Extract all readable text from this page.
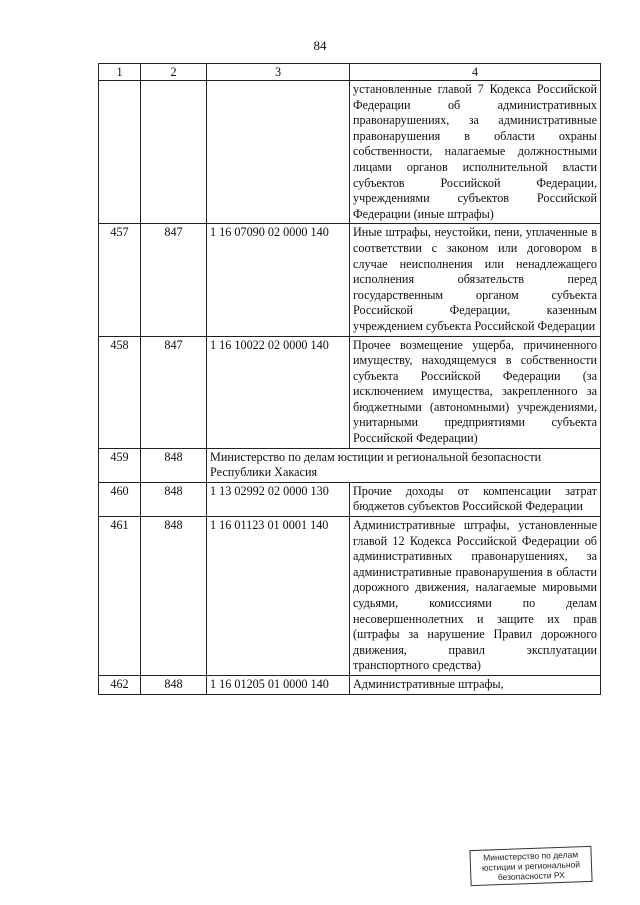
84
1	2	3	4
			установленные главой 7 Кодекса Российской Федерации об административных правонарушениях, за административные правонарушения в области охраны собственности, налагаемые должностными лицами органов исполнительной власти субъектов Российской Федерации, учреждениями субъектов Российской Федерации (иные штрафы)
457	847	1 16 07090 02 0000 140	Иные штрафы, неустойки, пени, уплаченные в соответствии с законом или договором в случае неисполнения или ненадлежащего исполнения обязательств перед государственным органом субъекта Российской Федерации, казенным учреждением субъекта Российской Федерации
458	847	1 16 10022 02 0000 140	Прочее возмещение ущерба, причиненного имуществу, находящемуся в собственности субъекта Российской Федерации (за исключением имущества, закрепленного за бюджетными (автономными) учреждениями, унитарными предприятиями субъекта Российской Федерации)
459	848	Министерство по делам юстиции и региональной безопасности Республики Хакасия	
460	848	1 13 02992 02 0000 130	Прочие доходы от компенсации затрат бюджетов субъектов Российской Федерации
461	848	1 16 01123 01 0001 140	Административные штрафы, установленные главой 12 Кодекса Российской Федерации об административных правонарушениях, за административные правонарушения в области дорожного движения, налагаемые мировыми судьями, комиссиями по делам несовершеннолетних и защите их прав (штрафы за нарушение Правил дорожного движения, правил эксплуатации транспортного средства)
462	848	1 16 01205 01 0000 140	Административные штрафы,
Министерство по делам
юстиции и региональной
безопасности РХ
